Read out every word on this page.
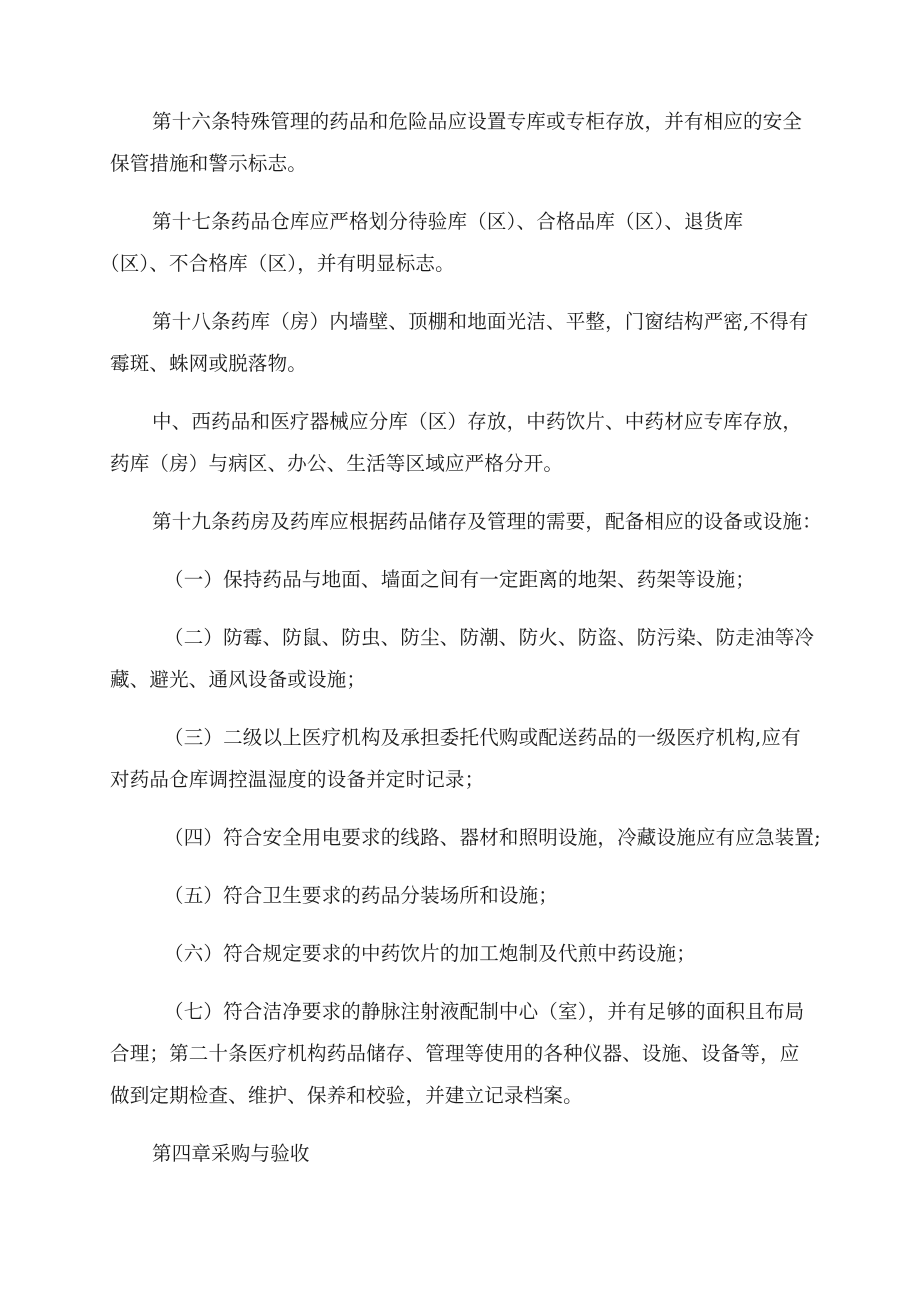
第十六条特殊管理的药品和危险品应设置专库或专柜存放，并有相应的安全
保管措施和警示标志。
第十七条药品仓库应严格划分待验库（区）、合格品库（区）、退货库
（区）、不合格库（区），并有明显标志。
第十八条药库（房）内墙壁、顶棚和地面光洁、平整，门窗结构严密,不得有
霉斑、蛛网或脱落物。
中、西药品和医疗器械应分库（区）存放，中药饮片、中药材应专库存放，
药库（房）与病区、办公、生活等区域应严格分开。
第十九条药房及药库应根据药品储存及管理的需要，配备相应的设备或设施：
（一）保持药品与地面、墙面之间有一定距离的地架、药架等设施；
（二）防霉、防鼠、防虫、防尘、防潮、防火、防盗、防污染、防走油等冷
藏、避光、通风设备或设施；
（三）二级以上医疗机构及承担委托代购或配送药品的一级医疗机构,应有
对药品仓库调控温湿度的设备并定时记录；
（四）符合安全用电要求的线路、器材和照明设施，冷藏设施应有应急装置;
（五）符合卫生要求的药品分装场所和设施；
（六）符合规定要求的中药饮片的加工炮制及代煎中药设施；
（七）符合洁净要求的静脉注射液配制中心（室），并有足够的面积且布局
合理；第二十条医疗机构药品储存、管理等使用的各种仪器、设施、设备等，应
做到定期检查、维护、保养和校验，并建立记录档案。
第四章采购与验收
